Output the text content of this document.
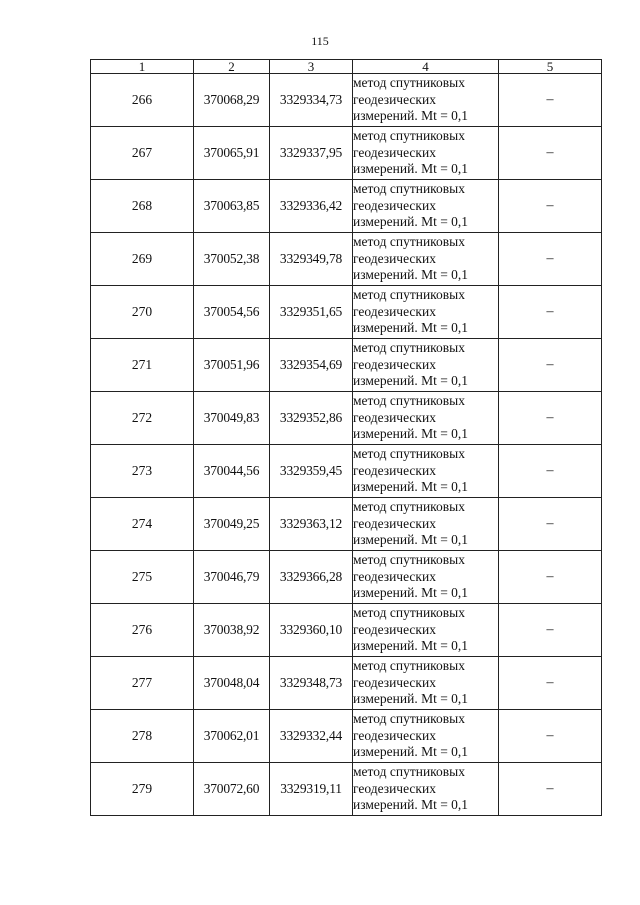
115
1	2	3	4	5
266	370068,29	3329334,73	метод спутниковых
геодезических
измерений. Mt = 0,1	–
267	370065,91	3329337,95	метод спутниковых
геодезических
измерений. Mt = 0,1	–
268	370063,85	3329336,42	метод спутниковых
геодезических
измерений. Mt = 0,1	–
269	370052,38	3329349,78	метод спутниковых
геодезических
измерений. Mt = 0,1	–
270	370054,56	3329351,65	метод спутниковых
геодезических
измерений. Mt = 0,1	–
271	370051,96	3329354,69	метод спутниковых
геодезических
измерений. Mt = 0,1	–
272	370049,83	3329352,86	метод спутниковых
геодезических
измерений. Mt = 0,1	–
273	370044,56	3329359,45	метод спутниковых
геодезических
измерений. Mt = 0,1	–
274	370049,25	3329363,12	метод спутниковых
геодезических
измерений. Mt = 0,1	–
275	370046,79	3329366,28	метод спутниковых
геодезических
измерений. Mt = 0,1	–
276	370038,92	3329360,10	метод спутниковых
геодезических
измерений. Mt = 0,1	–
277	370048,04	3329348,73	метод спутниковых
геодезических
измерений. Mt = 0,1	–
278	370062,01	3329332,44	метод спутниковых
геодезических
измерений. Mt = 0,1	–
279	370072,60	3329319,11	метод спутниковых
геодезических
измерений. Mt = 0,1	–
